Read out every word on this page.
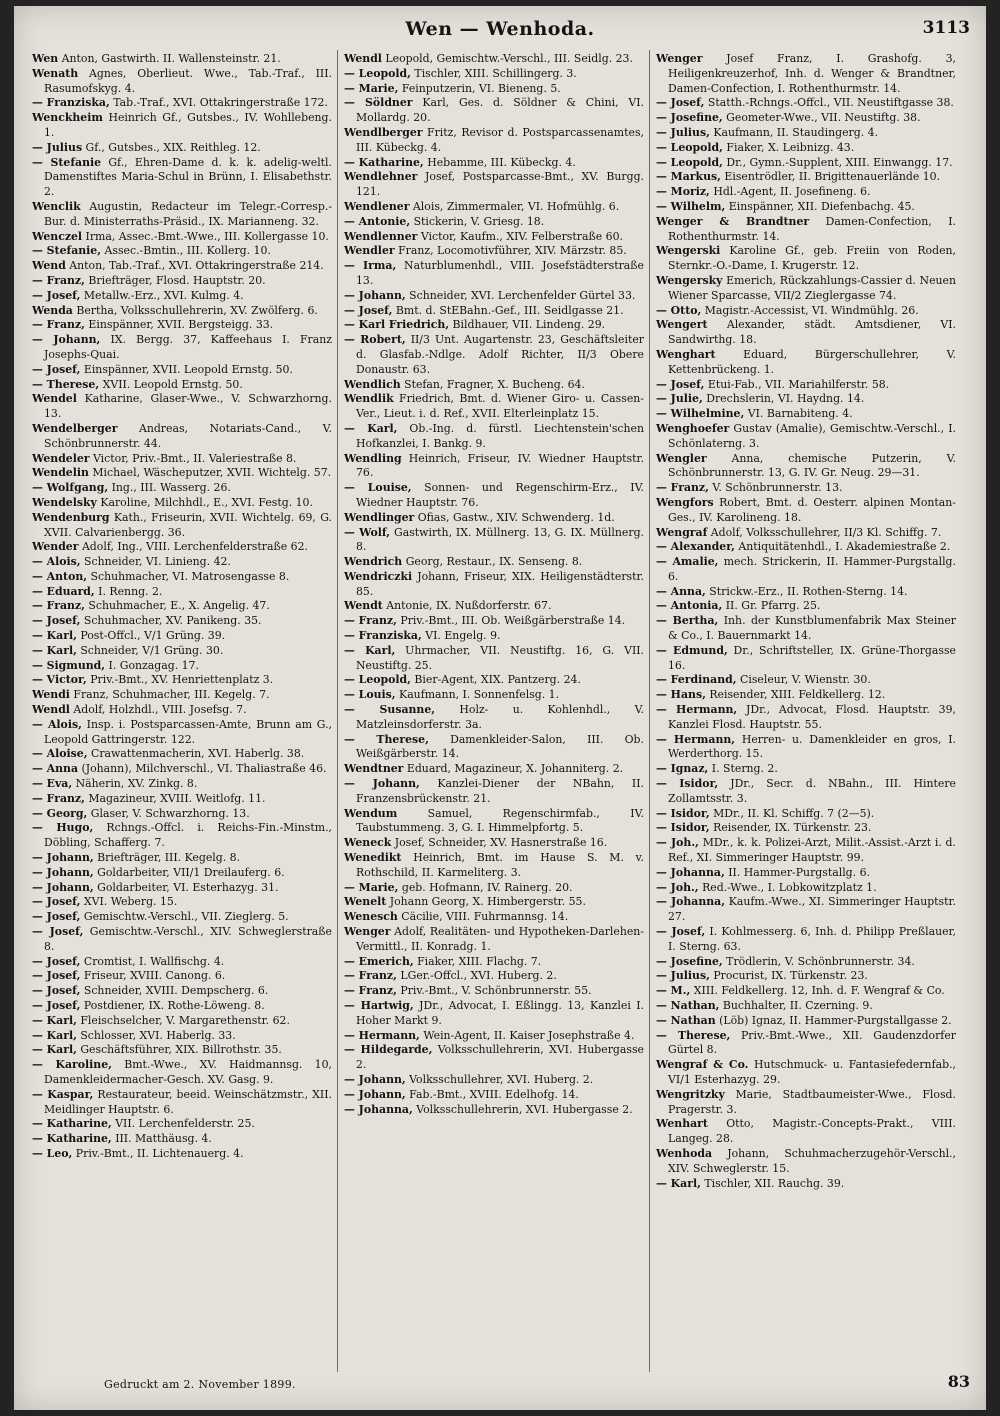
Wen — Wenhoda.	3113

Wen Anton, Gastwirth. II. Wallensteinstr. 21.

Wenath Agnes, Oberlieut. Wwe., Tab.-Traf., III. Rasumofskyg. 4.

— Franziska, Tab.-Traf., XVI. Ottakringerstraße 172.

Wenckheim Heinrich Gf., Gutsbes., IV. Wohllebeng. 1.

— Julius Gf., Gutsbes., XIX. Reithleg. 12.

— Stefanie Gf., Ehren-Dame d. k. k. adelig-weltl. Damenstiftes Maria-Schul in Brünn, I. Elisabethstr. 2.

Wenclik Augustin, Redacteur im Telegr.-Corresp.-Bur. d. Ministerraths-Präsid., IX. Marianneng. 32.

Wenczel Irma, Assec.-Bmt.-Wwe., III. Kollergasse 10.

— Stefanie, Assec.-Bmtin., III. Kollerg. 10.

Wend Anton, Tab.-Traf., XVI. Ottakringerstraße 214.

— Franz, Briefträger, Flosd. Hauptstr. 20.

— Josef, Metallw.-Erz., XVI. Kulmg. 4.

Wenda Bertha, Volksschullehrerin, XV. Zwölferg. 6.

— Franz, Einspänner, XVII. Bergsteigg. 33.

— Johann, IX. Bergg. 37, Kaffeehaus I. Franz Josephs-Quai.

— Josef, Einspänner, XVII. Leopold Ernstg. 50.

— Therese, XVII. Leopold Ernstg. 50.

Wendel Katharine, Glaser-Wwe., V. Schwarzhorng. 13.

Wendelberger Andreas, Notariats-Cand., V. Schönbrunnerstr. 44.

Wendeler Victor, Priv.-Bmt., II. Valeriestraße 8.

Wendelin Michael, Wäscheputzer, XVII. Wichtelg. 57.

— Wolfgang, Ing., III. Wasserg. 26.

Wendelsky Karoline, Milchhdl., E., XVI. Festg. 10.

Wendenburg Kath., Friseurin, XVII. Wichtelg. 69, G. XVII. Calvarienbergg. 36.

Wender Adolf, Ing., VIII. Lerchenfelderstraße 62.

— Alois, Schneider, VI. Linieng. 42.

— Anton, Schuhmacher, VI. Matrosengasse 8.

— Eduard, I. Renng. 2.

— Franz, Schuhmacher, E., X. Angelig. 47.

— Josef, Schuhmacher, XV. Panikeng. 35.

— Karl, Post-Offcl., V/1 Grüng. 39.

— Karl, Schneider, V/1 Grüng. 30.

— Sigmund, I. Gonzagag. 17.

— Victor, Priv.-Bmt., XV. Henriettenplatz 3.

Wendi Franz, Schuhmacher, III. Kegelg. 7.

Wendl Adolf, Holzhdl., VIII. Josefsg. 7.

— Alois, Insp. i. Postsparcassen-Amte, Brunn am G., Leopold Gattringerstr. 122.

— Aloise, Crawattenmacherin, XVI. Haberlg. 38.

— Anna (Johann), Milchverschl., VI. Thaliastraße 46.

— Eva, Näherin, XV. Zinkg. 8.

— Franz, Magazineur, XVIII. Weitlofg. 11.

— Georg, Glaser, V. Schwarzhorng. 13.

— Hugo, Rchngs.-Offcl. i. Reichs-Fin.-Minstm., Döbling, Schafferg. 7.

— Johann, Briefträger, III. Kegelg. 8.

— Johann, Goldarbeiter, VII/1 Dreilauferg. 6.

— Johann, Goldarbeiter, VI. Esterhazyg. 31.

— Josef, XVI. Weberg. 15.

— Josef, Gemischtw.-Verschl., VII. Zieglerg. 5.

— Josef, Gemischtw.-Verschl., XIV. Schweglerstraße 8.

— Josef, Cromtist, I. Wallfischg. 4.

— Josef, Friseur, XVIII. Canong. 6.

— Josef, Schneider, XVIII. Dempscherg. 6.

— Josef, Postdiener, IX. Rothe-Löweng. 8.

— Karl, Fleischselcher, V. Margarethenstr. 62.

— Karl, Schlosser, XVI. Haberlg. 33.

— Karl, Geschäftsführer, XIX. Billrothstr. 35.

— Karoline, Bmt.-Wwe., XV. Haidmannsg. 10, Damenkleidermacher-Gesch. XV. Gasg. 9.

— Kaspar, Restaurateur, beeid. Weinschätzmstr., XII. Meidlinger Hauptstr. 6.

— Katharine, VII. Lerchenfelderstr. 25.

— Katharine, III. Matthäusg. 4.

— Leo, Priv.-Bmt., II. Lichtenauerg. 4.

Wendl Leopold, Gemischtw.-Verschl., III. Seidlg. 23.

— Leopold, Tischler, XIII. Schillingerg. 3.

— Marie, Feinputzerin, VI. Bieneng. 5.

— Söldner Karl, Ges. d. Söldner & Chini, VI. Mollardg. 20.

Wendlberger Fritz, Revisor d. Postsparcassenamtes, III. Kübeckg. 4.

— Katharine, Hebamme, III. Kübeckg. 4.

Wendlehner Josef, Postsparcasse-Bmt., XV. Burgg. 121.

Wendlener Alois, Zimmermaler, VI. Hofmühlg. 6.

— Antonie, Stickerin, V. Griesg. 18.

Wendlenner Victor, Kaufm., XIV. Felberstraße 60.

Wendler Franz, Locomotivführer, XIV. Märzstr. 85.

— Irma, Naturblumenhdl., VIII. Josefstädterstraße 13.

— Johann, Schneider, XVI. Lerchenfelder Gürtel 33.

— Josef, Bmt. d. StEBahn.-Gef., III. Seidlgasse 21.

— Karl Friedrich, Bildhauer, VII. Lindeng. 29.

— Robert, II/3 Unt. Augartenstr. 23, Geschäftsleiter d. Glasfab.-Ndlge. Adolf Richter, II/3 Obere Donaustr. 63.

Wendlich Stefan, Fragner, X. Bucheng. 64.

Wendlik Friedrich, Bmt. d. Wiener Giro- u. Cassen-Ver., Lieut. i. d. Ref., XVII. Elterleinplatz 15.

— Karl, Ob.-Ing. d. fürstl. Liechtenstein'schen Hofkanzlei, I. Bankg. 9.

Wendling Heinrich, Friseur, IV. Wiedner Hauptstr. 76.

— Louise, Sonnen- und Regenschirm-Erz., IV. Wiedner Hauptstr. 76.

Wendlinger Ofias, Gastw., XIV. Schwenderg. 1d.

— Wolf, Gastwirth, IX. Müllnerg. 13, G. IX. Müllnerg. 8.

Wendrich Georg, Restaur., IX. Senseng. 8.

Wendriczki Johann, Friseur, XIX. Heiligenstädterstr. 85.

Wendt Antonie, IX. Nußdorferstr. 67.

— Franz, Priv.-Bmt., III. Ob. Weißgärberstraße 14.

— Franziska, VI. Engelg. 9.

— Karl, Uhrmacher, VII. Neustiftg. 16, G. VII. Neustiftg. 25.

— Leopold, Bier-Agent, XIX. Pantzerg. 24.

— Louis, Kaufmann, I. Sonnenfelsg. 1.

— Susanne, Holz- u. Kohlenhdl., V. Matzleinsdorferstr. 3a.

— Therese, Damenkleider-Salon, III. Ob. Weißgärberstr. 14.

Wendtner Eduard, Magazineur, X. Johanniterg. 2.

— Johann, Kanzlei-Diener der NBahn, II. Franzensbrückenstr. 21.

Wendum Samuel, Regenschirmfab., IV. Taubstummeng. 3, G. I. Himmelpfortg. 5.

Weneck Josef, Schneider, XV. Hasnerstraße 16.

Wenedikt Heinrich, Bmt. im Hause S. M. v. Rothschild, II. Karmeliterg. 3.

— Marie, geb. Hofmann, IV. Rainerg. 20.

Wenelt Johann Georg, X. Himbergerstr. 55.

Wenesch Cäcilie, VIII. Fuhrmannsg. 14.

Wenger Adolf, Realitäten- und Hypotheken-Darlehen-Vermittl., II. Konradg. 1.

— Emerich, Fiaker, XIII. Flachg. 7.

— Franz, LGer.-Offcl., XVI. Huberg. 2.

— Franz, Priv.-Bmt., V. Schönbrunnerstr. 55.

— Hartwig, JDr., Advocat, I. Eßlingg. 13, Kanzlei I. Hoher Markt 9.

— Hermann, Wein-Agent, II. Kaiser Josephstraße 4.

— Hildegarde, Volksschullehrerin, XVI. Hubergasse 2.

— Johann, Volksschullehrer, XVI. Huberg. 2.

— Johann, Fab.-Bmt., XVIII. Edelhofg. 14.

— Johanna, Volksschullehrerin, XVI. Hubergasse 2.

Wenger Josef Franz, I. Grashofg. 3, Heiligenkreuzerhof, Inh. d. Wenger & Brandtner, Damen-Confection, I. Rothenthurmstr. 14.

— Josef, Statth.-Rchngs.-Offcl., VII. Neustiftgasse 38.

— Josefine, Geometer-Wwe., VII. Neustiftg. 38.

— Julius, Kaufmann, II. Staudingerg. 4.

— Leopold, Fiaker, X. Leibnizg. 43.

— Leopold, Dr., Gymn.-Supplent, XIII. Einwangg. 17.

— Markus, Eisentrödler, II. Brigittenauerlände 10.

— Moriz, Hdl.-Agent, II. Josefineng. 6.

— Wilhelm, Einspänner, XII. Diefenbachg. 45.

Wenger & Brandtner Damen-Confection, I. Rothenthurmstr. 14.

Wengerski Karoline Gf., geb. Freiin von Roden, Sternkr.-O.-Dame, I. Krugerstr. 12.

Wengersky Emerich, Rückzahlungs-Cassier d. Neuen Wiener Sparcasse, VII/2 Zieglergasse 74.

— Otto, Magistr.-Accessist, VI. Windmühlg. 26.

Wengert Alexander, städt. Amtsdiener, VI. Sandwirthg. 18.

Wenghart Eduard, Bürgerschullehrer, V. Kettenbrückeng. 1.

— Josef, Etui-Fab., VII. Mariahilferstr. 58.

— Julie, Drechslerin, VI. Haydng. 14.

— Wilhelmine, VI. Barnabiteng. 4.

Wenghoefer Gustav (Amalie), Gemischtw.-Verschl., I. Schönlaterng. 3.

Wengler Anna, chemische Putzerin, V. Schönbrunnerstr. 13, G. IV. Gr. Neug. 29—31.

— Franz, V. Schönbrunnerstr. 13.

Wengfors Robert, Bmt. d. Oesterr. alpinen Montan-Ges., IV. Karolineng. 18.

Wengraf Adolf, Volksschullehrer, II/3 Kl. Schiffg. 7.

— Alexander, Antiquitätenhdl., I. Akademiestraße 2.

— Amalie, mech. Strickerin, II. Hammer-Purgstallg. 6.

— Anna, Strickw.-Erz., II. Rothen-Sterng. 14.

— Antonia, II. Gr. Pfarrg. 25.

— Bertha, Inh. der Kunstblumenfabrik Max Steiner & Co., I. Bauernmarkt 14.

— Edmund, Dr., Schriftsteller, IX. Grüne-Thorgasse 16.

— Ferdinand, Ciseleur, V. Wienstr. 30.

— Hans, Reisender, XIII. Feldkellerg. 12.

— Hermann, JDr., Advocat, Flosd. Hauptstr. 39, Kanzlei Flosd. Hauptstr. 55.

— Hermann, Herren- u. Damenkleider en gros, I. Werderthorg. 15.

— Ignaz, I. Sterng. 2.

— Isidor, JDr., Secr. d. NBahn., III. Hintere Zollamtsstr. 3.

— Isidor, MDr., II. Kl. Schiffg. 7 (2—5).

— Isidor, Reisender, IX. Türkenstr. 23.

— Joh., MDr., k. k. Polizei-Arzt, Milit.-Assist.-Arzt i. d. Ref., XI. Simmeringer Hauptstr. 99.

— Johanna, II. Hammer-Purgstallg. 6.

— Joh., Red.-Wwe., I. Lobkowitzplatz 1.

— Johanna, Kaufm.-Wwe., XI. Simmeringer Hauptstr. 27.

— Josef, I. Kohlmesserg. 6, Inh. d. Philipp Preßlauer, I. Sterng. 63.

— Josefine, Trödlerin, V. Schönbrunnerstr. 34.

— Julius, Procurist, IX. Türkenstr. 23.

— M., XIII. Feldkellerg. 12, Inh. d. F. Wengraf & Co.

— Nathan, Buchhalter, II. Czerning. 9.

— Nathan (Löb) Ignaz, II. Hammer-Purgstallgasse 2.

— Therese, Priv.-Bmt.-Wwe., XII. Gaudenzdorfer Gürtel 8.

Wengraf & Co. Hutschmuck- u. Fantasiefedernfab., VI/1 Esterhazyg. 29.

Wengritzky Marie, Stadtbaumeister-Wwe., Flosd. Pragerstr. 3.

Wenhart Otto, Magistr.-Concepts-Prakt., VIII. Langeg. 28.

Wenhoda Johann, Schuhmacherzugehör-Verschl., XIV. Schweglerstr. 15.

— Karl, Tischler, XII. Rauchg. 39.

Gedruckt am 2. November 1899.	83
